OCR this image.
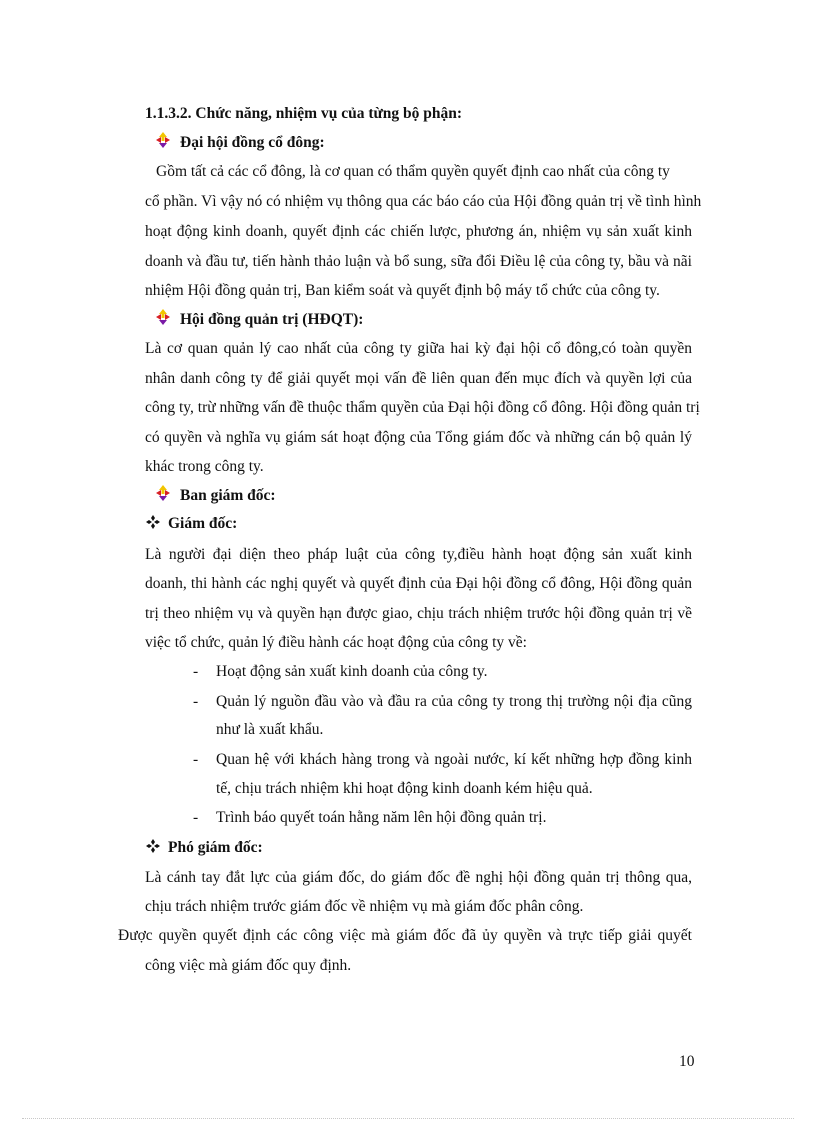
1.1.3.2. Chức năng, nhiệm vụ của từng bộ phận:
Đại hội đồng cổ đông:
Gồm tất cả các cổ đông, là cơ quan có thẩm quyền quyết định cao nhất của công ty
cổ phần. Vì vậy nó có nhiệm vụ thông qua các báo cáo của Hội đồng quản trị về tình hình
hoạt động kinh doanh, quyết định các chiến lược, phương án, nhiệm vụ sản xuất kinh
doanh và đầu tư, tiến hành thảo luận và bổ sung, sữa đổi Điều lệ của công ty, bầu và nãi
nhiệm Hội đồng quản trị, Ban kiểm soát và quyết định bộ máy tổ chức của công ty.
Hội đồng quản trị (HĐQT):
Là cơ quan quản lý cao nhất của công ty giữa hai kỳ đại hội cổ đông,có toàn quyền
nhân danh công ty để giải quyết mọi vấn đề liên quan đến mục đích và quyền lợi của
công ty, trừ những vấn đề thuộc thẩm quyền của Đại hội đồng cổ đông. Hội đồng quản trị
có quyền và nghĩa vụ giám sát hoạt động của Tổng giám đốc và những cán bộ quản lý
khác trong công ty.
Ban giám đốc:
Giám đốc:
Là người đại diện theo pháp luật của công ty,điều hành hoạt động sản xuất kinh
doanh, thi hành các nghị quyết và quyết định của Đại hội đồng cổ đông, Hội đồng quản
trị theo nhiệm vụ và quyền hạn được giao, chịu trách nhiệm trước hội đồng quản trị về
việc tổ chức, quản lý điều hành các hoạt động của công ty về:
- Hoạt động sản xuất kinh doanh của công ty.
- Quản lý nguồn đầu vào và đầu ra của công ty trong thị trường nội địa cũng
như là xuất khẩu.
- Quan hệ với khách hàng trong và ngoài nước, kí kết những hợp đồng kinh
tế, chịu trách nhiệm khi hoạt động kinh doanh kém hiệu quả.
- Trình báo quyết toán hằng năm lên hội đồng quản trị.
Phó giám đốc:
Là cánh tay đắt lực của giám đốc, do giám đốc đề nghị hội đồng quản trị thông qua,
chịu trách nhiệm trước giám đốc về nhiệm vụ mà giám đốc phân công.
Được quyền quyết định các công việc mà giám đốc đã ủy quyền và trực tiếp giải quyết
công việc mà giám đốc quy định.
10
